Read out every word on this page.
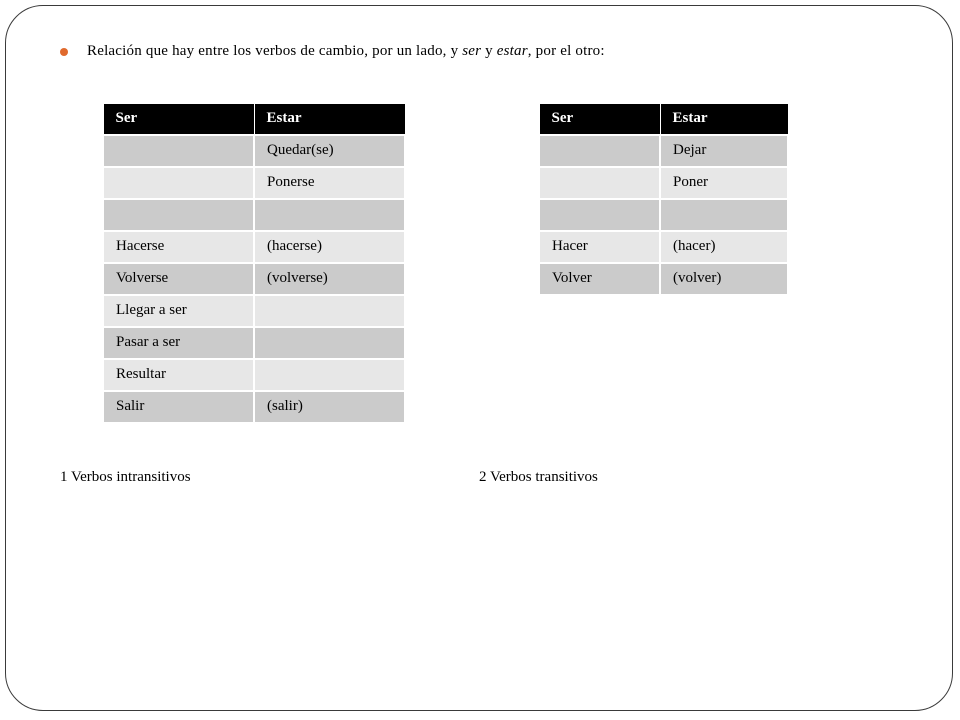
Relación que hay entre los verbos de cambio, por un lado, y ser y estar, por el otro:
Ser	Estar
	Quedar(se)
	Ponerse

Hacerse	(hacerse)
Volverse	(volverse)
Llegar a ser	
Pasar a ser	
Resultar	
Salir	(salir)
Ser	Estar
	Dejar
	Poner

Hacer	(hacer)
Volver	(volver)
1 Verbos intransitivos	2 Verbos transitivos
